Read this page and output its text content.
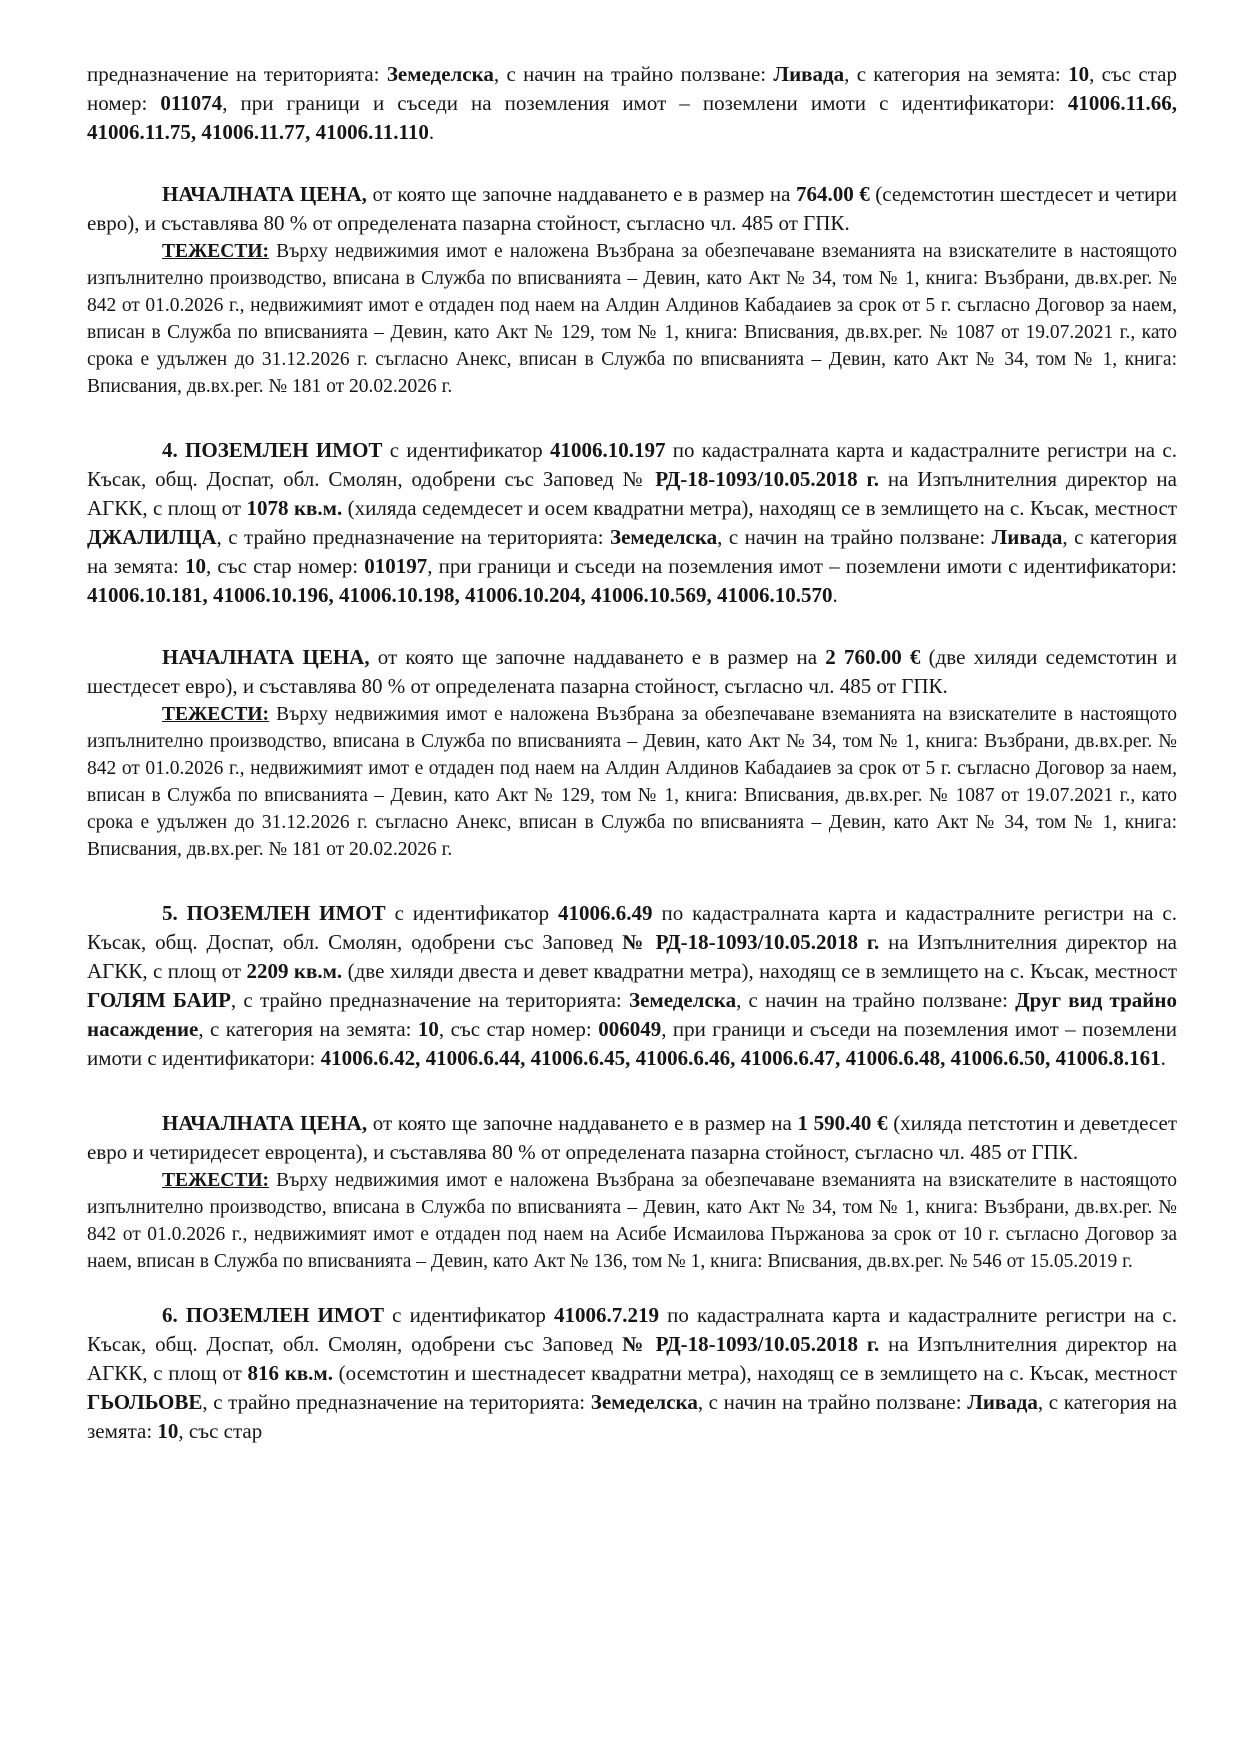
предназначение на територията: Земеделска, с начин на трайно ползване: Ливада, с категория на земята: 10, със стар номер: 011074, при граници и съседи на поземления имот – поземлени имоти с идентификатори: 41006.11.66, 41006.11.75, 41006.11.77, 41006.11.110.

НАЧАЛНАТА ЦЕНА, от която ще започне наддаването е в размер на 764.00 € (седемстотин шестдесет и четири евро), и съставлява 80 % от определената пазарна стойност, съгласно чл. 485 от ГПК.

ТЕЖЕСТИ: Върху недвижимия имот е наложена Възбрана за обезпечаване вземанията на взискателите в настоящото изпълнително производство, вписана в Служба по вписванията – Девин, като Акт № 34, том № 1, книга: Възбрани, дв.вх.рег. № 842 от 01.0.2026 г., недвижимият имот е отдаден под наем на Алдин Алдинов Кабадаиев за срок от 5 г. съгласно Договор за наем, вписан в Служба по вписванията – Девин, като Акт № 129, том № 1, книга: Вписвания, дв.вх.рег. № 1087 от 19.07.2021 г., като срока е удължен до 31.12.2026 г. съгласно Анекс, вписан в Служба по вписванията – Девин, като Акт № 34, том № 1, книга: Вписвания, дв.вх.рег. № 181 от 20.02.2026 г.

4. ПОЗЕМЛЕН ИМОТ с идентификатор 41006.10.197 по кадастралната карта и кадастралните регистри на с. Късак, общ. Доспат, обл. Смолян, одобрени със Заповед № РД-18-1093/10.05.2018 г. на Изпълнителния директор на АГКК, с площ от 1078 кв.м. (хиляда седемдесет и осем квадратни метра), находящ се в землището на с. Късак, местност ДЖАЛИЛЦА, с трайно предназначение на територията: Земеделска, с начин на трайно ползване: Ливада, с категория на земята: 10, със стар номер: 010197, при граници и съседи на поземления имот – поземлени имоти с идентификатори: 41006.10.181, 41006.10.196, 41006.10.198, 41006.10.204, 41006.10.569, 41006.10.570.

НАЧАЛНАТА ЦЕНА, от която ще започне наддаването е в размер на 2 760.00 € (две хиляди седемстотин и шестдесет евро), и съставлява 80 % от определената пазарна стойност, съгласно чл. 485 от ГПК.

ТЕЖЕСТИ: Върху недвижимия имот е наложена Възбрана за обезпечаване вземанията на взискателите в настоящото изпълнително производство, вписана в Служба по вписванията – Девин, като Акт № 34, том № 1, книга: Възбрани, дв.вх.рег. № 842 от 01.0.2026 г., недвижимият имот е отдаден под наем на Алдин Алдинов Кабадаиев за срок от 5 г. съгласно Договор за наем, вписан в Служба по вписванията – Девин, като Акт № 129, том № 1, книга: Вписвания, дв.вх.рег. № 1087 от 19.07.2021 г., като срока е удължен до 31.12.2026 г. съгласно Анекс, вписан в Служба по вписванията – Девин, като Акт № 34, том № 1, книга: Вписвания, дв.вх.рег. № 181 от 20.02.2026 г.

5. ПОЗЕМЛЕН ИМОТ с идентификатор 41006.6.49 по кадастралната карта и кадастралните регистри на с. Късак, общ. Доспат, обл. Смолян, одобрени със Заповед № РД-18-1093/10.05.2018 г. на Изпълнителния директор на АГКК, с площ от 2209 кв.м. (две хиляди двеста и девет квадратни метра), находящ се в землището на с. Късак, местност ГОЛЯМ БАИР, с трайно предназначение на територията: Земеделска, с начин на трайно ползване: Друг вид трайно насаждение, с категория на земята: 10, със стар номер: 006049, при граници и съседи на поземления имот – поземлени имоти с идентификатори: 41006.6.42, 41006.6.44, 41006.6.45, 41006.6.46, 41006.6.47, 41006.6.48, 41006.6.50, 41006.8.161.

НАЧАЛНАТА ЦЕНА, от която ще започне наддаването е в размер на 1 590.40 € (хиляда петстотин и деветдесет евро и четиридесет евроцента), и съставлява 80 % от определената пазарна стойност, съгласно чл. 485 от ГПК.

ТЕЖЕСТИ: Върху недвижимия имот е наложена Възбрана за обезпечаване вземанията на взискателите в настоящото изпълнително производство, вписана в Служба по вписванията – Девин, като Акт № 34, том № 1, книга: Възбрани, дв.вх.рег. № 842 от 01.0.2026 г., недвижимият имот е отдаден под наем на Асибе Исмаилова Пържанова за срок от 10 г. съгласно Договор за наем, вписан в Служба по вписванията – Девин, като Акт № 136, том № 1, книга: Вписвания, дв.вх.рег. № 546 от 15.05.2019 г.

6. ПОЗЕМЛЕН ИМОТ с идентификатор 41006.7.219 по кадастралната карта и кадастралните регистри на с. Късак, общ. Доспат, обл. Смолян, одобрени със Заповед № РД-18-1093/10.05.2018 г. на Изпълнителния директор на АГКК, с площ от 816 кв.м. (осемстотин и шестнадесет квадратни метра), находящ се в землището на с. Късак, местност ГЬОЛЬОВЕ, с трайно предназначение на територията: Земеделска, с начин на трайно ползване: Ливада, с категория на земята: 10, със стар
